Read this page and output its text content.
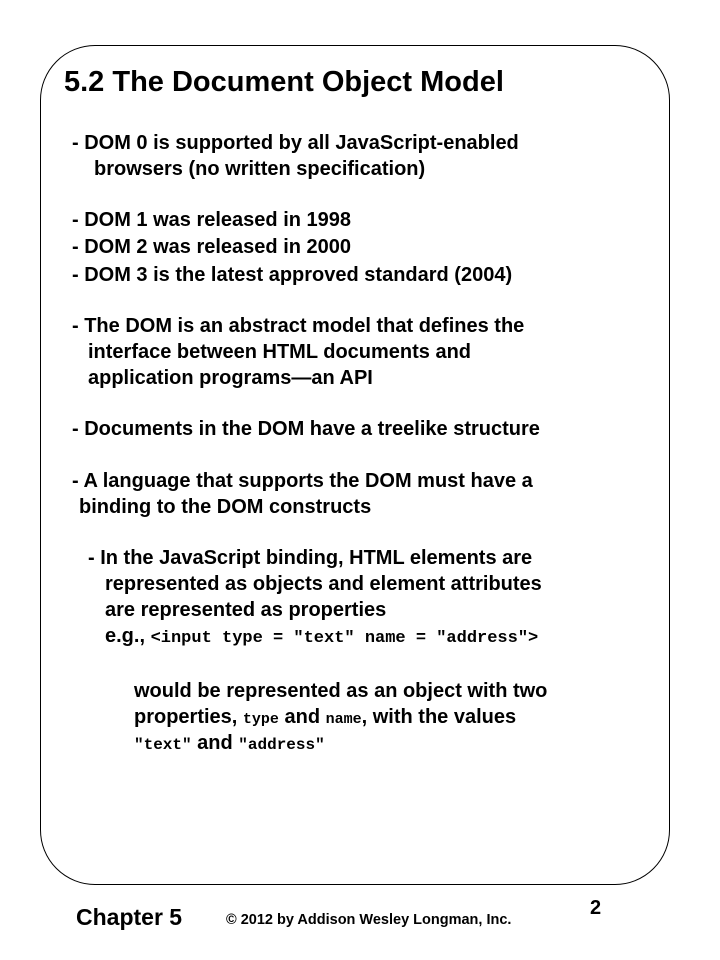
5.2 The Document Object Model

- DOM 0 is supported by all JavaScript-enabled

browsers (no written specification)

- DOM 1 was released in 1998

- DOM 2 was released in 2000

- DOM 3 is the latest approved standard (2004)

- The DOM is an abstract model that defines the

interface between HTML documents and

application programs—an API

- Documents in the DOM have a treelike structure

- A language that supports the DOM must have a

binding to the DOM constructs

- In the JavaScript binding, HTML elements are

represented as objects and element attributes

are represented as properties

e.g., <input type = "text" name = "address">

would be represented as an object with two

properties, type and name, with the values

"text" and "address"

Chapter 5	© 2012 by Addison Wesley Longman, Inc.
2
